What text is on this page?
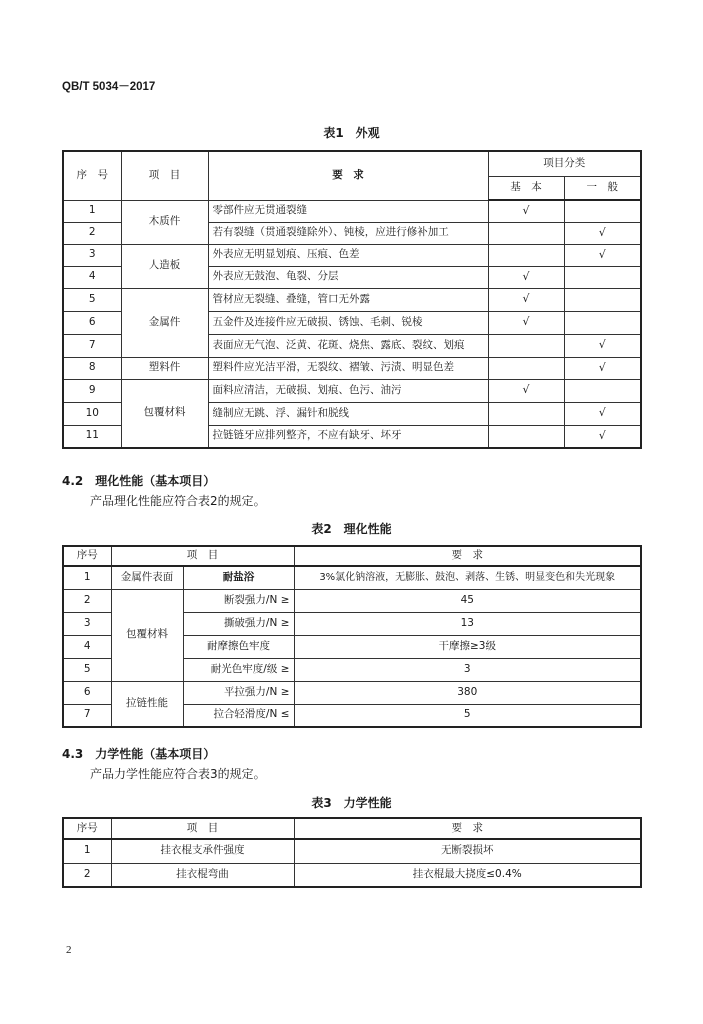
QB/T 5034－2017
表1　外观
序　号	项　目	要　求	项目分类	
			基　本	一　般
1	木质件	零部件应无贯通裂缝	√	
2		若有裂缝（贯通裂缝除外）、钝棱，应进行修补加工		√
3	人造板	外表应无明显划痕、压痕、色差		√
4		外表应无鼓泡、龟裂、分层	√	
5	金属件	管材应无裂缝、叠缝，管口无外露	√	
6		五金件及连接件应无破损、锈蚀、毛刺、锐棱	√	
7		表面应无气泡、泛黄、花斑、烧焦、露底、裂纹、划痕		√
8	塑料件	塑料件应光洁平滑，无裂纹、褶皱、污渍、明显色差		√
9	包覆材料	面料应清洁，无破损、划痕、色污、油污	√	
10		缝制应无跳、浮、漏针和脱线		√
11		拉链链牙应排列整齐，不应有缺牙、坏牙		√
4.2　理化性能（基本项目）
产品理化性能应符合表2的规定。
表2　理化性能
序号	项　目		要　求
1	金属件表面	耐盐浴	3%氯化钠溶液，无膨胀、鼓泡、剥落、生锈、明显变色和失光现象
2	包覆材料	断裂强力/N ≥	45
3		撕破强力/N ≥	13
4		耐摩擦色牢度	干摩擦≥3级
5		耐光色牢度/级 ≥	3
6	拉链性能	平拉强力/N ≥	380
7		拉合轻滑度/N ≤	5
4.3　力学性能（基本项目）
产品力学性能应符合表3的规定。
表3　力学性能
序号	项　目	要　求
1	挂衣棍支承件强度	无断裂损坏
2	挂衣棍弯曲	挂衣棍最大挠度≤0.4%
2
